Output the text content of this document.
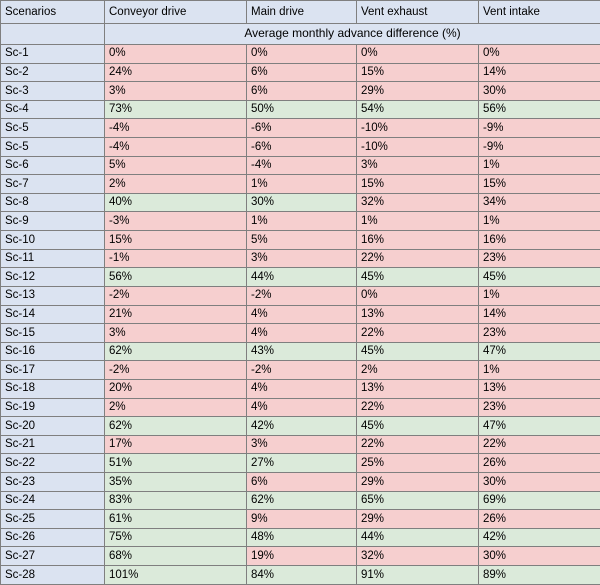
Scenarios	Conveyor drive	Main drive	Vent exhaust	Vent intake
	Average monthly advance difference (%)			
Sc-1	0%	0%	0%	0%
Sc-2	24%	6%	15%	14%
Sc-3	3%	6%	29%	30%
Sc-4	73%	50%	54%	56%
Sc-5	-4%	-6%	-10%	-9%
Sc-5	-4%	-6%	-10%	-9%
Sc-6	5%	-4%	3%	1%
Sc-7	2%	1%	15%	15%
Sc-8	40%	30%	32%	34%
Sc-9	-3%	1%	1%	1%
Sc-10	15%	5%	16%	16%
Sc-11	-1%	3%	22%	23%
Sc-12	56%	44%	45%	45%
Sc-13	-2%	-2%	0%	1%
Sc-14	21%	4%	13%	14%
Sc-15	3%	4%	22%	23%
Sc-16	62%	43%	45%	47%
Sc-17	-2%	-2%	2%	1%
Sc-18	20%	4%	13%	13%
Sc-19	2%	4%	22%	23%
Sc-20	62%	42%	45%	47%
Sc-21	17%	3%	22%	22%
Sc-22	51%	27%	25%	26%
Sc-23	35%	6%	29%	30%
Sc-24	83%	62%	65%	69%
Sc-25	61%	9%	29%	26%
Sc-26	75%	48%	44%	42%
Sc-27	68%	19%	32%	30%
Sc-28	101%	84%	91%	89%
